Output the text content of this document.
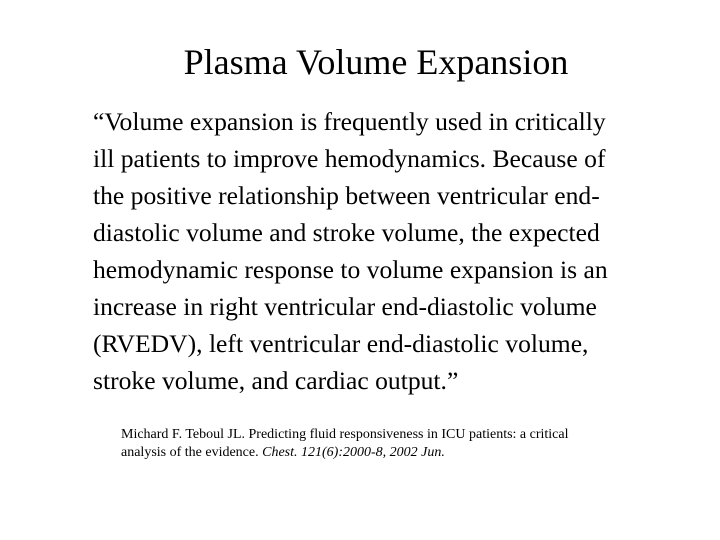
Plasma Volume Expansion

“Volume expansion is frequently used in critically
ill patients to improve hemodynamics. Because of
the positive relationship between ventricular end-
diastolic volume and stroke volume, the expected
hemodynamic response to volume expansion is an
increase in right ventricular end-diastolic volume
(RVEDV), left ventricular end-diastolic volume,
stroke volume, and cardiac output.”

Michard F. Teboul JL. Predicting fluid responsiveness in ICU patients: a critical
analysis of the evidence. Chest. 121(6):2000-8, 2002 Jun.
